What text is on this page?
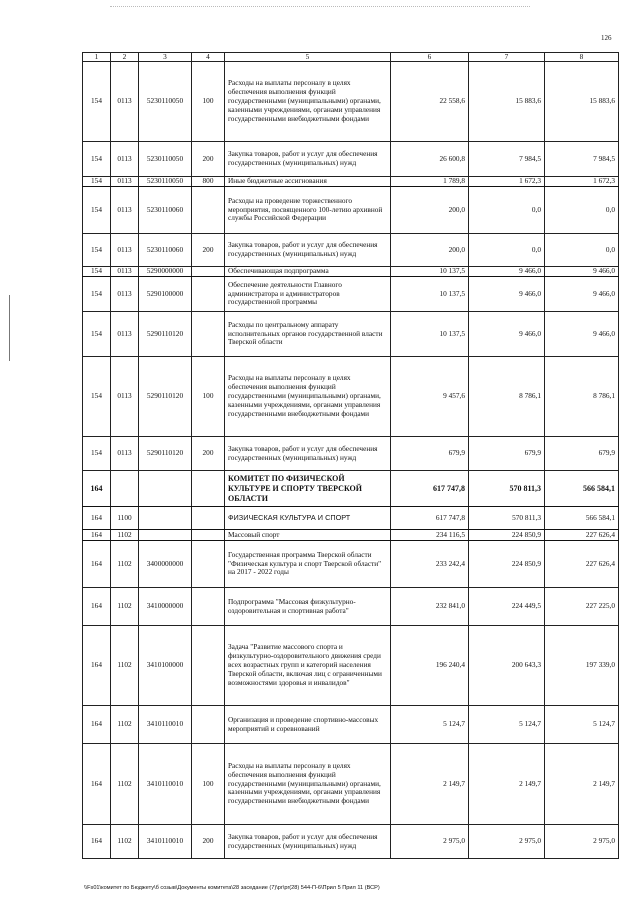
126
1	2	3	4	5	6	7	8
154	0113	5230110050	100	Расходы на выплаты персоналу в целях обеспечения выполнения функций государственными (муниципальными) органами, казенными учреждениями, органами управления государственными внебюджетными фондами	22 558,6	15 883,6	15 883,6
154	0113	5230110050	200	Закупка товаров, работ и услуг для обеспечения государственных (муниципальных) нужд	26 600,8	7 984,5	7 984,5
154	0113	5230110050	800	Иные бюджетные ассигнования	1 789,8	1 672,3	1 672,3
154	0113	5230110060		Расходы на проведение торжественного мероприятия, посвященного 100-летию архивной службы Российской Федерации	200,0	0,0	0,0
154	0113	5230110060	200	Закупка товаров, работ и услуг для обеспечения государственных (муниципальных) нужд	200,0	0,0	0,0
154	0113	5290000000		Обеспечивающая подпрограмма	10 137,5	9 466,0	9 466,0
154	0113	5290100000		Обеспечение деятельности Главного администратора и администраторов государственной программы	10 137,5	9 466,0	9 466,0
154	0113	5290110120		Расходы по центральному аппарату исполнительных органов государственной власти Тверской области	10 137,5	9 466,0	9 466,0
154	0113	5290110120	100	Расходы на выплаты персоналу в целях обеспечения выполнения функций государственными (муниципальными) органами, казенными учреждениями, органами управления государственными внебюджетными фондами	9 457,6	8 786,1	8 786,1
154	0113	5290110120	200	Закупка товаров, работ и услуг для обеспечения государственных (муниципальных) нужд	679,9	679,9	679,9
164				КОМИТЕТ ПО ФИЗИЧЕСКОЙ КУЛЬТУРЕ И СПОРТУ ТВЕРСКОЙ ОБЛАСТИ	617 747,8	570 811,3	566 584,1
164	1100			ФИЗИЧЕСКАЯ КУЛЬТУРА И СПОРТ	617 747,8	570 811,3	566 584,1
164	1102			Массовый спорт	234 116,5	224 850,9	227 626,4
164	1102	3400000000		Государственная программа Тверской области "Физическая культура и спорт Тверской области" на 2017 - 2022 годы	233 242,4	224 850,9	227 626,4
164	1102	3410000000		Подпрограмма "Массовая физкультурно-оздоровительная и спортивная работа"	232 841,0	224 449,5	227 225,0
164	1102	3410100000		Задача "Развитие массового спорта и физкультурно-оздоровительного движения среди всех возрастных групп и категорий населения Тверской области, включая лиц с ограниченными возможностями здоровья и инвалидов"	196 240,4	200 643,3	197 339,0
164	1102	3410110010		Организация и проведение спортивно-массовых мероприятий и соревнований	5 124,7	5 124,7	5 124,7
164	1102	3410110010	100	Расходы на выплаты персоналу в целях обеспечения выполнения функций государственными (муниципальными) органами, казенными учреждениями, органами управления государственными внебюджетными фондами	2 149,7	2 149,7	2 149,7
164	1102	3410110010	200	Закупка товаров, работ и услуг для обеспечения государственных (муниципальных) нужд	2 975,0	2 975,0	2 975,0
\\Fs01\комитет по Бюджету\б созыв\Документы комитета\28 заседание (7)\pr\pr(28) 544-П-6\Прил 5 Прил 11 (ВСР)
